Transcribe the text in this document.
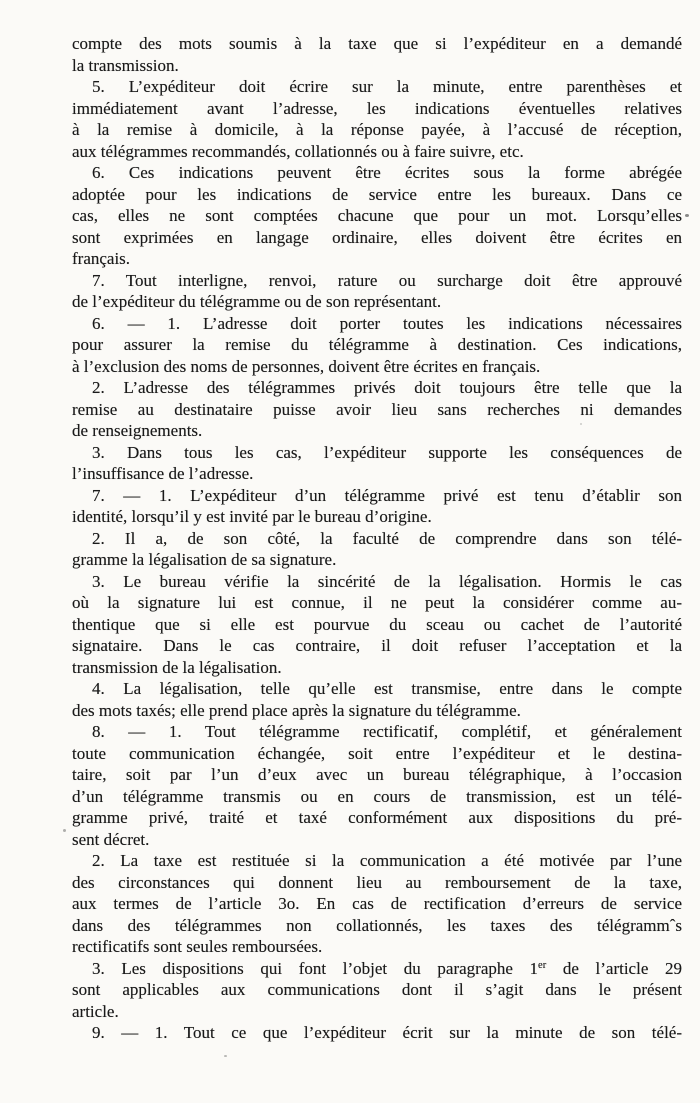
compte des mots soumis à la taxe que si l’expéditeur en a demandé
la transmission.

5. L’expéditeur doit écrire sur la minute, entre parenthèses et
immédiatement avant l’adresse, les indications éventuelles relatives
à la remise à domicile, à la réponse payée, à l’accusé de réception,
aux télégrammes recommandés, collationnés ou à faire suivre, etc.

6. Ces indications peuvent être écrites sous la forme abrégée
adoptée pour les indications de service entre les bureaux. Dans ce
cas, elles ne sont comptées chacune que pour un mot. Lorsqu’elles
sont exprimées en langage ordinaire, elles doivent être écrites en
français.

7. Tout interligne, renvoi, rature ou surcharge doit être approuvé
de l’expéditeur du télégramme ou de son représentant.

6. — 1. L’adresse doit porter toutes les indications nécessaires
pour assurer la remise du télégramme à destination. Ces indications,
à l’exclusion des noms de personnes, doivent être écrites en français.

2. L’adresse des télégrammes privés doit toujours être telle que la
remise au destinataire puisse avoir lieu sans recherches ni demandes
de renseignements.

3. Dans tous les cas, l’expéditeur supporte les conséquences de
l’insuffisance de l’adresse.

7. — 1. L’expéditeur d’un télégramme privé est tenu d’établir son
identité, lorsqu’il y est invité par le bureau d’origine.

2. Il a, de son côté, la faculté de comprendre dans son télé-
gramme la légalisation de sa signature.

3. Le bureau vérifie la sincérité de la légalisation. Hormis le cas
où la signature lui est connue, il ne peut la considérer comme au-
thentique que si elle est pourvue du sceau ou cachet de l’autorité
signataire. Dans le cas contraire, il doit refuser l’acceptation et la
transmission de la légalisation.

4. La légalisation, telle qu’elle est transmise, entre dans le compte
des mots taxés; elle prend place après la signature du télégramme.

8. — 1. Tout télégramme rectificatif, complétif, et généralement
toute communication échangée, soit entre l’expéditeur et le destina-
taire, soit par l’un d’eux avec un bureau télégraphique, à l’occasion
d’un télégramme transmis ou en cours de transmission, est un télé-
gramme privé, traité et taxé conformément aux dispositions du pré-
sent décret.

2. La taxe est restituée si la communication a été motivée par l’une
des circonstances qui donnent lieu au remboursement de la taxe,
aux termes de l’article 3o. En cas de rectification d’erreurs de service
dans des télégrammes non collationnés, les taxes des télégrammˆs
rectificatifs sont seules remboursées.

3. Les dispositions qui font l’objet du paragraphe 1er de l’article 29
sont applicables aux communications dont il s’agit dans le présent
article.

9. — 1. Tout ce que l’expéditeur écrit sur la minute de son télé-
